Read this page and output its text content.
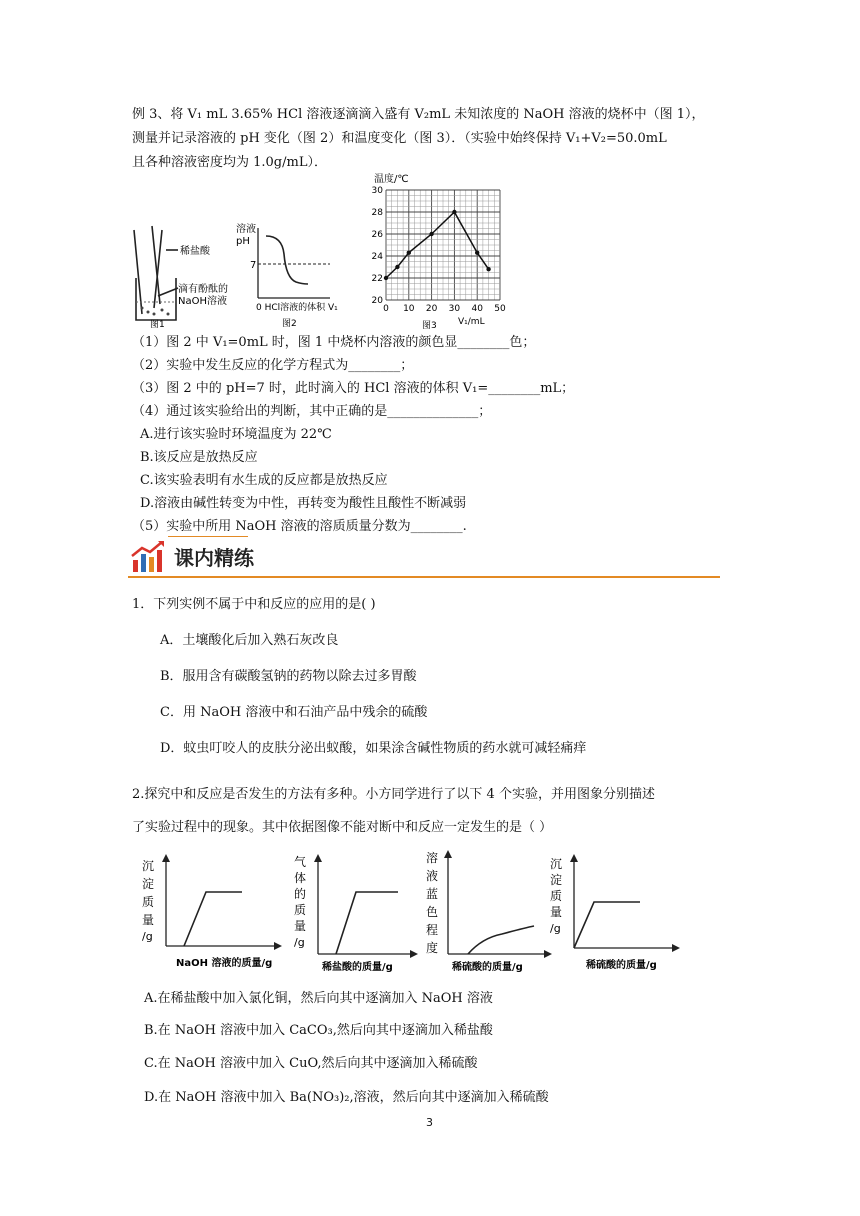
例 3、将 V₁ mL 3.65% HCl 溶液逐滴滴入盛有 V₂mL 未知浓度的 NaOH 溶液的烧杯中（图 1），
测量并记录溶液的 pH 变化（图 2）和温度变化（图 3）．（实验中始终保持 V₁+V₂=50.0mL
且各种溶液密度均为 1.0g/mL）．
稀盐酸
滴有酚酞的
NaOH溶液
图1
溶液
pH
7
0 HCl溶液的体积 V₁
图2
温度/℃
20
22
24
26
28
30
0 10 20 30 40 50
V₁/mL
图3
（1）图 2 中 V₁=0mL 时，图 1 中烧杯内溶液的颜色显________色；
（2）实验中发生反应的化学方程式为________；
（3）图 2 中的 pH=7 时，此时滴入的 HCl 溶液的体积 V₁=________mL；
（4）通过该实验给出的判断，其中正确的是______________；
A.进行该实验时环境温度为 22℃
B.该反应是放热反应
C.该实验表明有水生成的反应都是放热反应
D.溶液由碱性转变为中性，再转变为酸性且酸性不断减弱
（5）实验中所用 NaOH 溶液的溶质质量分数为________.
课内精练
1．下列实例不属于中和反应的应用的是( )
A．土壤酸化后加入熟石灰改良
B．服用含有碳酸氢钠的药物以除去过多胃酸
C．用 NaOH 溶液中和石油产品中残余的硫酸
D．蚊虫叮咬人的皮肤分泌出蚁酸，如果涂含碱性物质的药水就可减轻痛痒
2.探究中和反应是否发生的方法有多种。小方同学进行了以下 4 个实验，并用图象分别描述
了实验过程中的现象。其中依据图像不能对断中和反应一定发生的是（ ）
沉
淀
质
量
/g
NaOH 溶液的质量/g
气
体
的
质
量
/g
稀盐酸的质量/g
溶
液
蓝
色
程
度
稀硫酸的质量/g
沉
淀
质
量
/g
稀硫酸的质量/g
A.在稀盐酸中加入氯化铜，然后向其中逐滴加入 NaOH 溶液
B.在 NaOH 溶液中加入 CaCO₃,然后向其中逐滴加入稀盐酸
C.在 NaOH 溶液中加入 CuO,然后向其中逐滴加入稀硫酸
D.在 NaOH 溶液中加入 Ba(NO₃)₂,溶液，然后向其中逐滴加入稀硫酸
3
